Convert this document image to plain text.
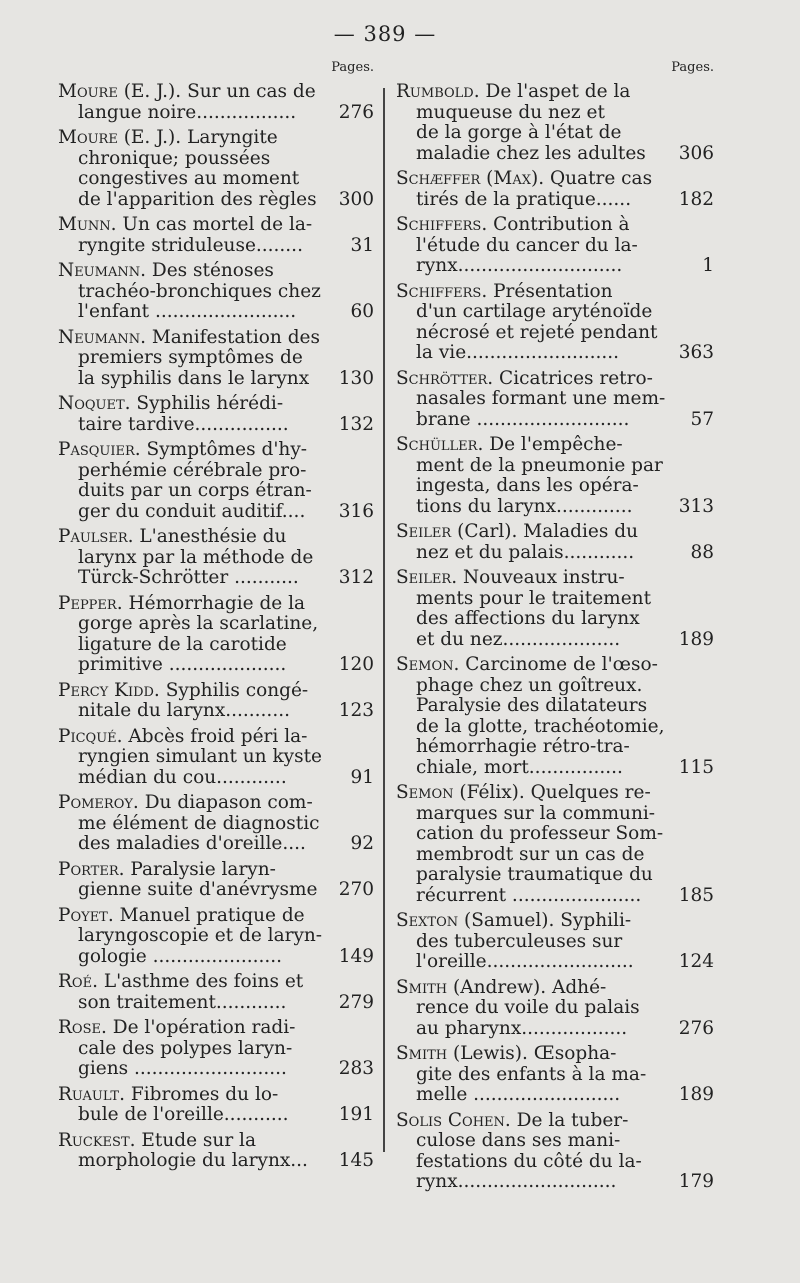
— 389 —
Pages.
Moure (E. J.). Sur un cas de
langue noire.................	276
Moure (E. J.). Laryngite
chronique; poussées
congestives au moment
de l'apparition des règles	300
Munn. Un cas mortel de la-
ryngite striduleuse........	31
Neumann. Des sténoses
trachéo-bronchiques chez
l'enfant ........................	60
Neumann. Manifestation des
premiers symptômes de
la syphilis dans le larynx	130
Noquet. Syphilis hérédi-
taire tardive................	132
Pasquier. Symptômes d'hy-
perhémie cérébrale pro-
duits par un corps étran-
ger du conduit auditif....	316
Paulser. L'anesthésie du
larynx par la méthode de
Türck-Schrötter ...........	312
Pepper. Hémorrhagie de la
gorge après la scarlatine,
ligature de la carotide
primitive ....................	120
Percy Kidd. Syphilis congé-
nitale du larynx...........	123
Picqué. Abcès froid péri la-
ryngien simulant un kyste
médian du cou............	91
Pomeroy. Du diapason com-
me élément de diagnostic
des maladies d'oreille....	92
Porter. Paralysie laryn-
gienne suite d'anévrysme	270
Poyet. Manuel pratique de
laryngoscopie et de laryn-
gologie ......................	149
Roé. L'asthme des foins et
son traitement............	279
Rose. De l'opération radi-
cale des polypes laryn-
giens ..........................	283
Ruault. Fibromes du lo-
bule de l'oreille...........	191
Ruckest. Etude sur la
morphologie du larynx...	145
Pages.
Rumbold. De l'aspet de la
muqueuse du nez et
de la gorge à l'état de
maladie chez les adultes	306
Schæffer (Max). Quatre cas
tirés de la pratique......	182
Schiffers. Contribution à
l'étude du cancer du la-
rynx............................	1
Schiffers. Présentation
d'un cartilage aryténoïde
nécrosé et rejeté pendant
la vie..........................	363
Schrötter. Cicatrices retro-
nasales formant une mem-
brane ..........................	57
Schüller. De l'empêche-
ment de la pneumonie par
ingesta, dans les opéra-
tions du larynx.............	313
Seiler (Carl). Maladies du
nez et du palais............	88
Seiler. Nouveaux instru-
ments pour le traitement
des affections du larynx
et du nez....................	189
Semon. Carcinome de l'œso-
phage chez un goîtreux.
Paralysie des dilatateurs
de la glotte, trachéotomie,
hémorrhagie rétro-tra-
chiale, mort................	115
Semon (Félix). Quelques re-
marques sur la communi-
cation du professeur Som-
membrodt sur un cas de
paralysie traumatique du
récurrent ......................	185
Sexton (Samuel). Syphili-
des tuberculeuses sur
l'oreille.........................	124
Smith (Andrew). Adhé-
rence du voile du palais
au pharynx..................	276
Smith (Lewis). Œsopha-
gite des enfants à la ma-
melle .........................	189
Solis Cohen. De la tuber-
culose dans ses mani-
festations du côté du la-
rynx...........................	179
